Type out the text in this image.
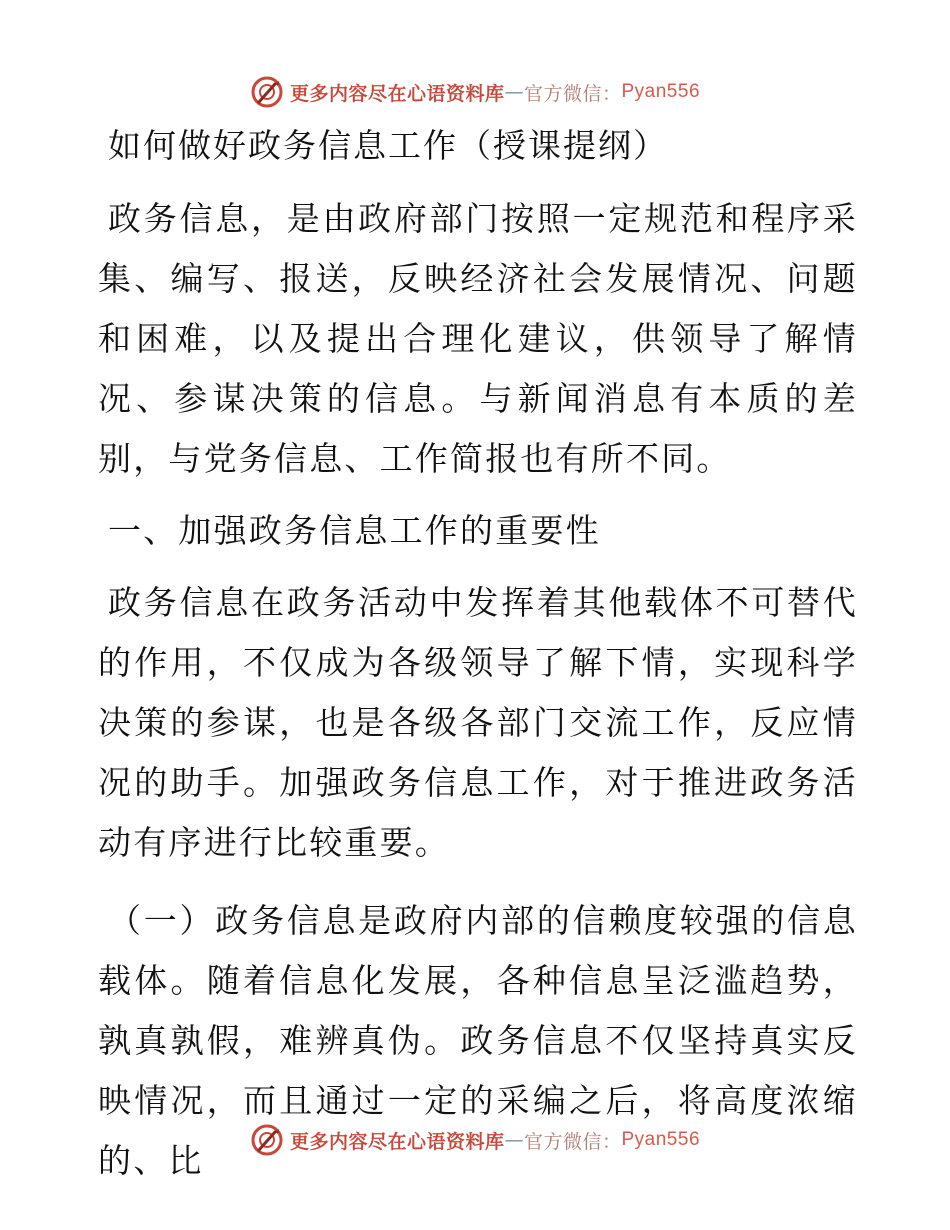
更多内容尽在心语资料库 — 官方微信： Pyan556
如何做好政务信息工作（授课提纲）

政务信息，是由政府部门按照一定规范和程序采集、编写、报送，反映经济社会发展情况、问题和困难，以及提出合理化建议，供领导了解情况、参谋决策的信息。与新闻消息有本质的差别，与党务信息、工作简报也有所不同。

一、加强政务信息工作的重要性

政务信息在政务活动中发挥着其他载体不可替代的作用，不仅成为各级领导了解下情，实现科学决策的参谋，也是各级各部门交流工作，反应情况的助手。加强政务信息工作，对于推进政务活动有序进行比较重要。

（一）政务信息是政府内部的信赖度较强的信息载体。随着信息化发展，各种信息呈泛滥趋势，孰真孰假，难辨真伪。政务信息不仅坚持真实反映情况，而且通过一定的采编之后，将高度浓缩的、比	更多内容尽在心语资料库 — 官方微信： Pyan556
